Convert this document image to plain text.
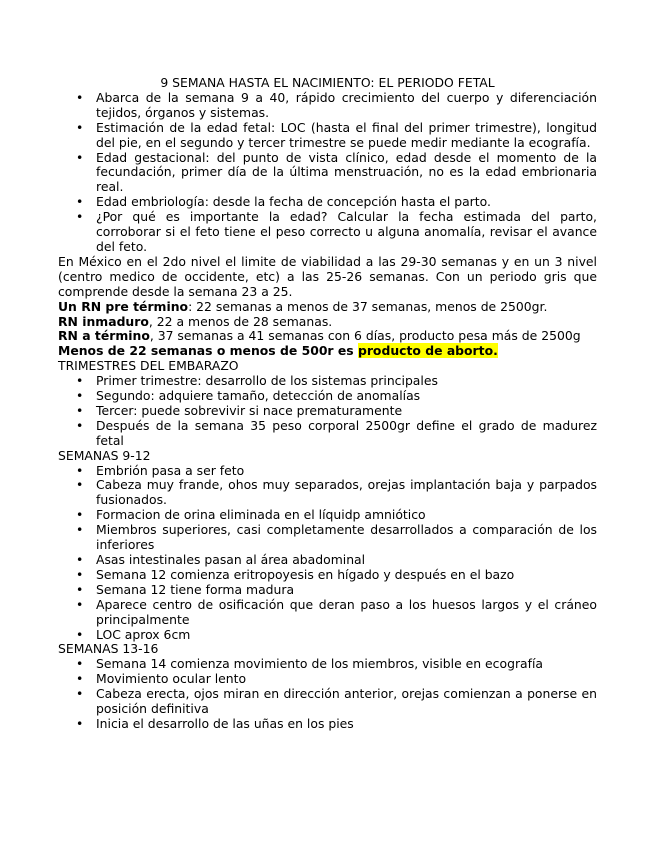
9 SEMANA HASTA EL NACIMIENTO: EL PERIODO FETAL

• Abarca de la semana 9 a 40, rápido crecimiento del cuerpo y diferenciación tejidos, órganos y sistemas.
• Estimación de la edad fetal: LOC (hasta el final del primer trimestre), longitud del pie, en el segundo y tercer trimestre se puede medir mediante la ecografía.
• Edad gestacional: del punto de vista clínico, edad desde el momento de la fecundación, primer día de la última menstruación, no es la edad embrionaria real.
• Edad embriología: desde la fecha de concepción hasta el parto.
• ¿Por qué es importante la edad? Calcular la fecha estimada del parto, corroborar si el feto tiene el peso correcto u alguna anomalía, revisar el avance del feto.

En México en el 2do nivel el limite de viabilidad a las 29-30 semanas y en un 3 nivel (centro medico de occidente, etc) a las 25-26 semanas. Con un periodo gris que comprende desde la semana 23 a 25.

Un RN pre término: 22 semanas a menos de 37 semanas, menos de 2500gr.

RN inmaduro, 22 a menos de 28 semanas.

RN a término, 37 semanas a 41 semanas con 6 días, producto pesa más de 2500g

Menos de 22 semanas o menos de 500r es producto de aborto.

TRIMESTRES DEL EMBARAZO

• Primer trimestre: desarrollo de los sistemas principales
• Segundo: adquiere tamaño, detección de anomalías
• Tercer: puede sobrevivir si nace prematuramente
• Después de la semana 35 peso corporal 2500gr define el grado de madurez fetal

SEMANAS 9-12

• Embrión pasa a ser feto
• Cabeza muy frande, ohos muy separados, orejas implantación baja y parpados fusionados.
• Formacion de orina eliminada en el líquidp amniótico
• Miembros superiores, casi completamente desarrollados a comparación de los inferiores
• Asas intestinales pasan al área abadominal
• Semana 12 comienza eritropoyesis en hígado y después en el bazo
• Semana 12 tiene forma madura
• Aparece centro de osificación que deran paso a los huesos largos y el cráneo principalmente
• LOC aprox 6cm

SEMANAS 13-16

• Semana 14 comienza movimiento de los miembros, visible en ecografía
• Movimiento ocular lento
• Cabeza erecta, ojos miran en dirección anterior, orejas comienzan a ponerse en posición definitiva
• Inicia el desarrollo de las uñas en los pies
